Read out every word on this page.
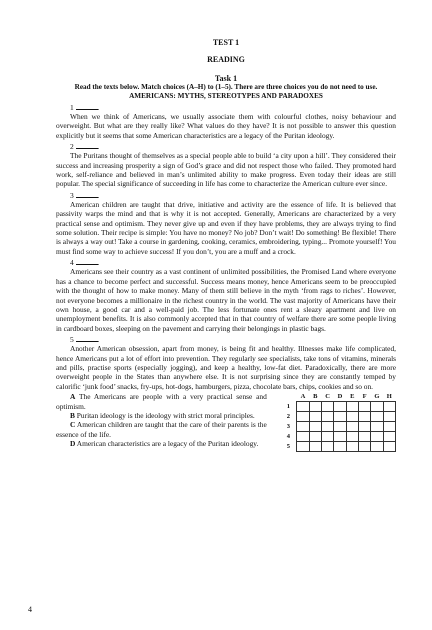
TEST 1
READING
Task 1
Read the texts below. Match choices (A–H) to (1–5). There are three choices you do not need to use.
AMERICANS: MYTHS, STEREOTYPES AND PARADOXES
1	.

When we think of Americans, we usually associate them with colourful clothes, noisy behaviour and overweight. But what are they really like? What values do they have? It is not possible to answer this question explicitly but it seems that some American characteristics are a legacy of the Puritan ideology.

2	.

The Puritans thought of themselves as a special people able to build ‘a city upon a hill’. They considered their success and increasing prosperity a sign of God’s grace and did not respect those who failed. They promoted hard work, self-reliance and believed in man’s unlimited ability to make progress. Even today their ideas are still popular. The special significance of succeeding in life has come to characterize the American culture ever since.

3	.

American children are taught that drive, initiative and activity are the essence of life. It is believed that passivity warps the mind and that is why it is not accepted. Generally, Americans are characterized by a very practical sense and optimism. They never give up and even if they have problems, they are always trying to find some solution. Their recipe is simple: You have no money? No job? Don’t wait! Do something! Be flexible! There is always a way out! Take a course in gardening, cooking, ceramics, embroidering, typing... Promote yourself! You must find some way to achieve success! If you don’t, you are a muff and a crock.

4	.

Americans see their country as a vast continent of unlimited possibilities, the Promised Land where everyone has a chance to become perfect and successful. Success means money, hence Americans seem to be preoccupied with the thought of how to make money. Many of them still believe in the myth ‘from rags to riches’. However, not everyone becomes a millionaire in the richest country in the world. The vast majority of Americans have their own house, a good car and a well-paid job. The less fortunate ones rent a sleazy apartment and live on unemployment benefits. It is also commonly accepted that in that country of welfare there are some people living in cardboard boxes, sleeping on the pavement and carrying their belongings in plastic bags.

5	.

Another American obsession, apart from money, is being fit and healthy. Illnesses make life complicated, hence Americans put a lot of effort into prevention. They regularly see specialists, take tons of vitamins, minerals and pills, practise sports (especially jogging), and keep a healthy, low-fat diet. Paradoxically, there are more overweight people in the States than anywhere else. It is not surprising since they are constantly temped by calorific ‘junk food’ snacks, fry-ups, hot-dogs, hamburgers, pizza, chocolate bars, chips, cookies and so on.

A The Americans are people with a very practical sense and optimism.
B Puritan ideology is the ideology with strict moral principles.
C American children are taught that the care of their parents is the essence of the life.
D American characteristics are a legacy of the Puritan ideology.
	A	B	C	D	E	F	G	H
1								
2								
3								
4								
5								
4
